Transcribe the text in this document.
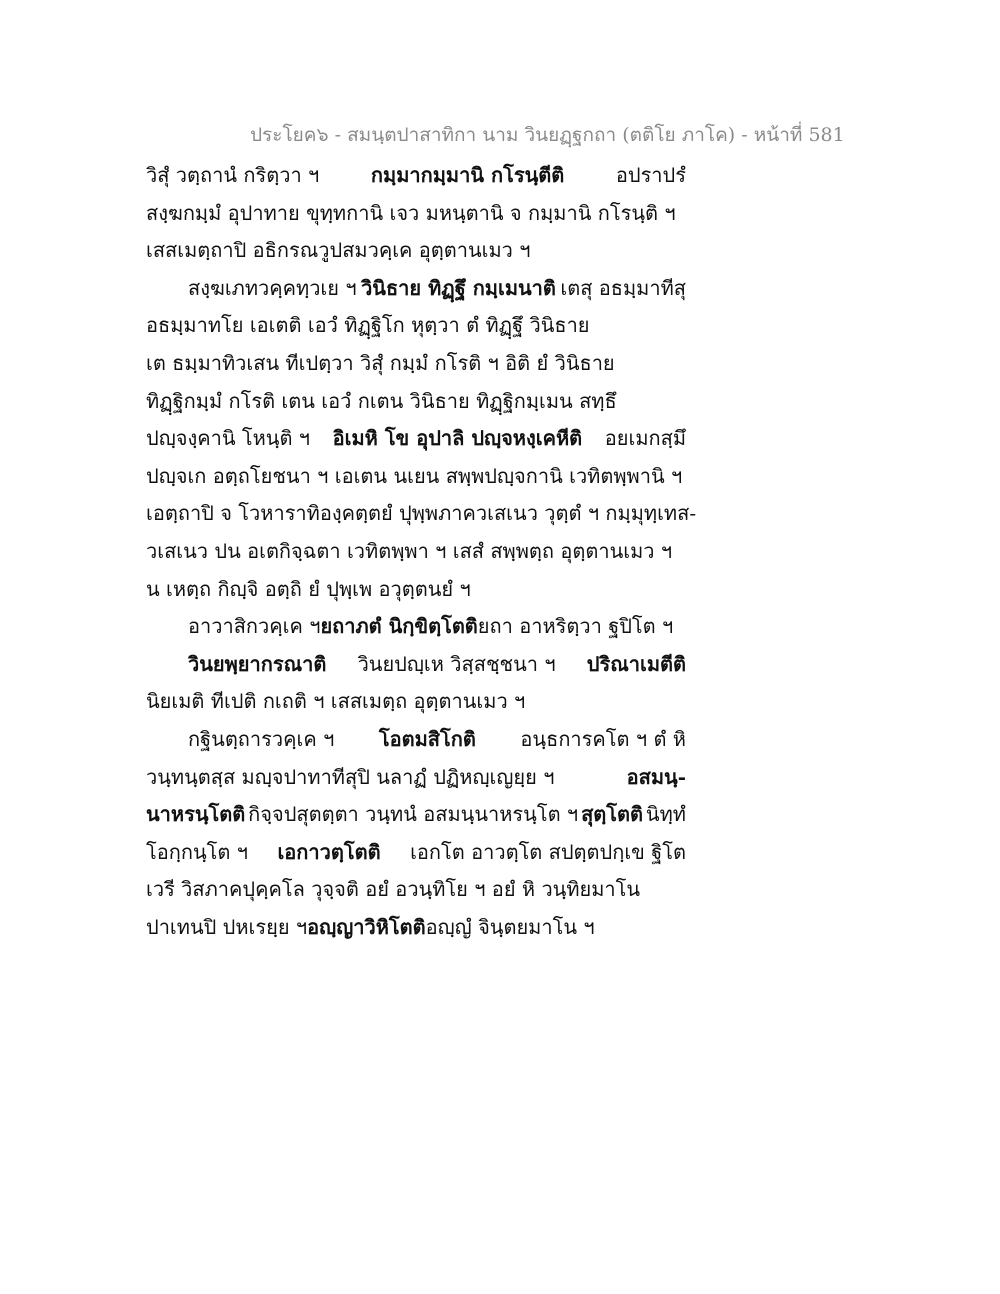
ประโยค๖ - สมนฺตปาสาทิกา นาม วินยฏฺฐกถา (ตติโย ภาโค) - หน้าที่ 581
วิสุํ วตฺถานํ กริตฺวา ฯ	กมฺมากมฺมานิ กโรนฺตีติ	อปราปรํ
สงฺฆกมฺมํ อุปาทาย ขุทฺทกานิ เจว มหนฺตานิ จ กมฺมานิ กโรนฺติ ฯ
เสสเมตฺถาปิ อธิกรณวูปสมวคฺเค อุตฺตานเมว ฯ
สงฺฆเภทวคฺคทฺวเย ฯ วินิธาย ทิฏฺฐึ กมฺเมนาติ เตสุ อธมฺมาทีสุ
อธมฺมาทโย เอเตติ เอวํ ทิฏฺฐิโก หุตฺวา ตํ ทิฏฺฐึ วินิธาย
เต ธมฺมาทิวเสน ทีเปตฺวา วิสุํ กมฺมํ กโรติ ฯ อิติ ยํ วินิธาย
ทิฏฺฐิกมฺมํ กโรติ เตน เอวํ กเตน วินิธาย ทิฏฺฐิกมฺเมน สทฺธึ
ปญฺจงฺคานิ โหนฺติ ฯ อิเมหิ โข อุปาลิ ปญฺจหงฺเคหีติ อยเมกสฺมึ
ปญฺจเก อตฺถโยชนา ฯ เอเตน นเยน สพฺพปญฺจกานิ เวทิตพฺพานิ ฯ
เอตฺถาปิ จ โวหาราทิองฺคตฺตยํ ปุพฺพภาควเสเนว วุตฺตํ ฯ กมฺมุทฺเทส-
วเสเนว ปน อเตกิจฺฉตา เวทิตพฺพา ฯ เสสํ สพฺพตฺถ อุตฺตานเมว ฯ
น เหตฺถ กิญฺจิ อตฺถิ ยํ ปุพฺเพ อวุตฺตนยํ ฯ
อาวาสิกวคฺเค ฯ ยถาภตํ นิกฺขิตฺโตติ ยถา อาหริตฺวา ฐปิโต ฯ
วินยพฺยากรณาติ วินยปญฺเห วิสฺสชฺชนา ฯ ปริณาเมตีติ
นิยเมติ ทีเปติ กเถติ ฯ เสสเมตฺถ อุตฺตานเมว ฯ
กฐินตฺถารวคฺเค ฯ โอตมสิโกติ อนฺธการคโต ฯ ตํ หิ
วนฺทนฺตสฺส มญฺจปาทาทีสุปิ นลาฏํ ปฏิหญฺเญยฺย ฯ	อสมนฺ-
นาหรนฺโตติ กิจฺจปสุตตฺตา วนฺทนํ อสมนฺนาหรนฺโต ฯ สุตฺโตติ นิทฺทํ
โอกฺกนฺโต ฯ เอกาวตฺโตติ เอกโต อาวตฺโต สปตฺตปกฺเข ฐิโต
เวรี วิสภาคปุคฺคโล วุจฺจติ อยํ อวนฺทิโย ฯ อยํ หิ วนฺทิยมาโน
ปาเทนปิ ปหเรยฺย ฯ อญฺญาวิหิโตติ อญฺญํ จินฺตยมาโน ฯ
